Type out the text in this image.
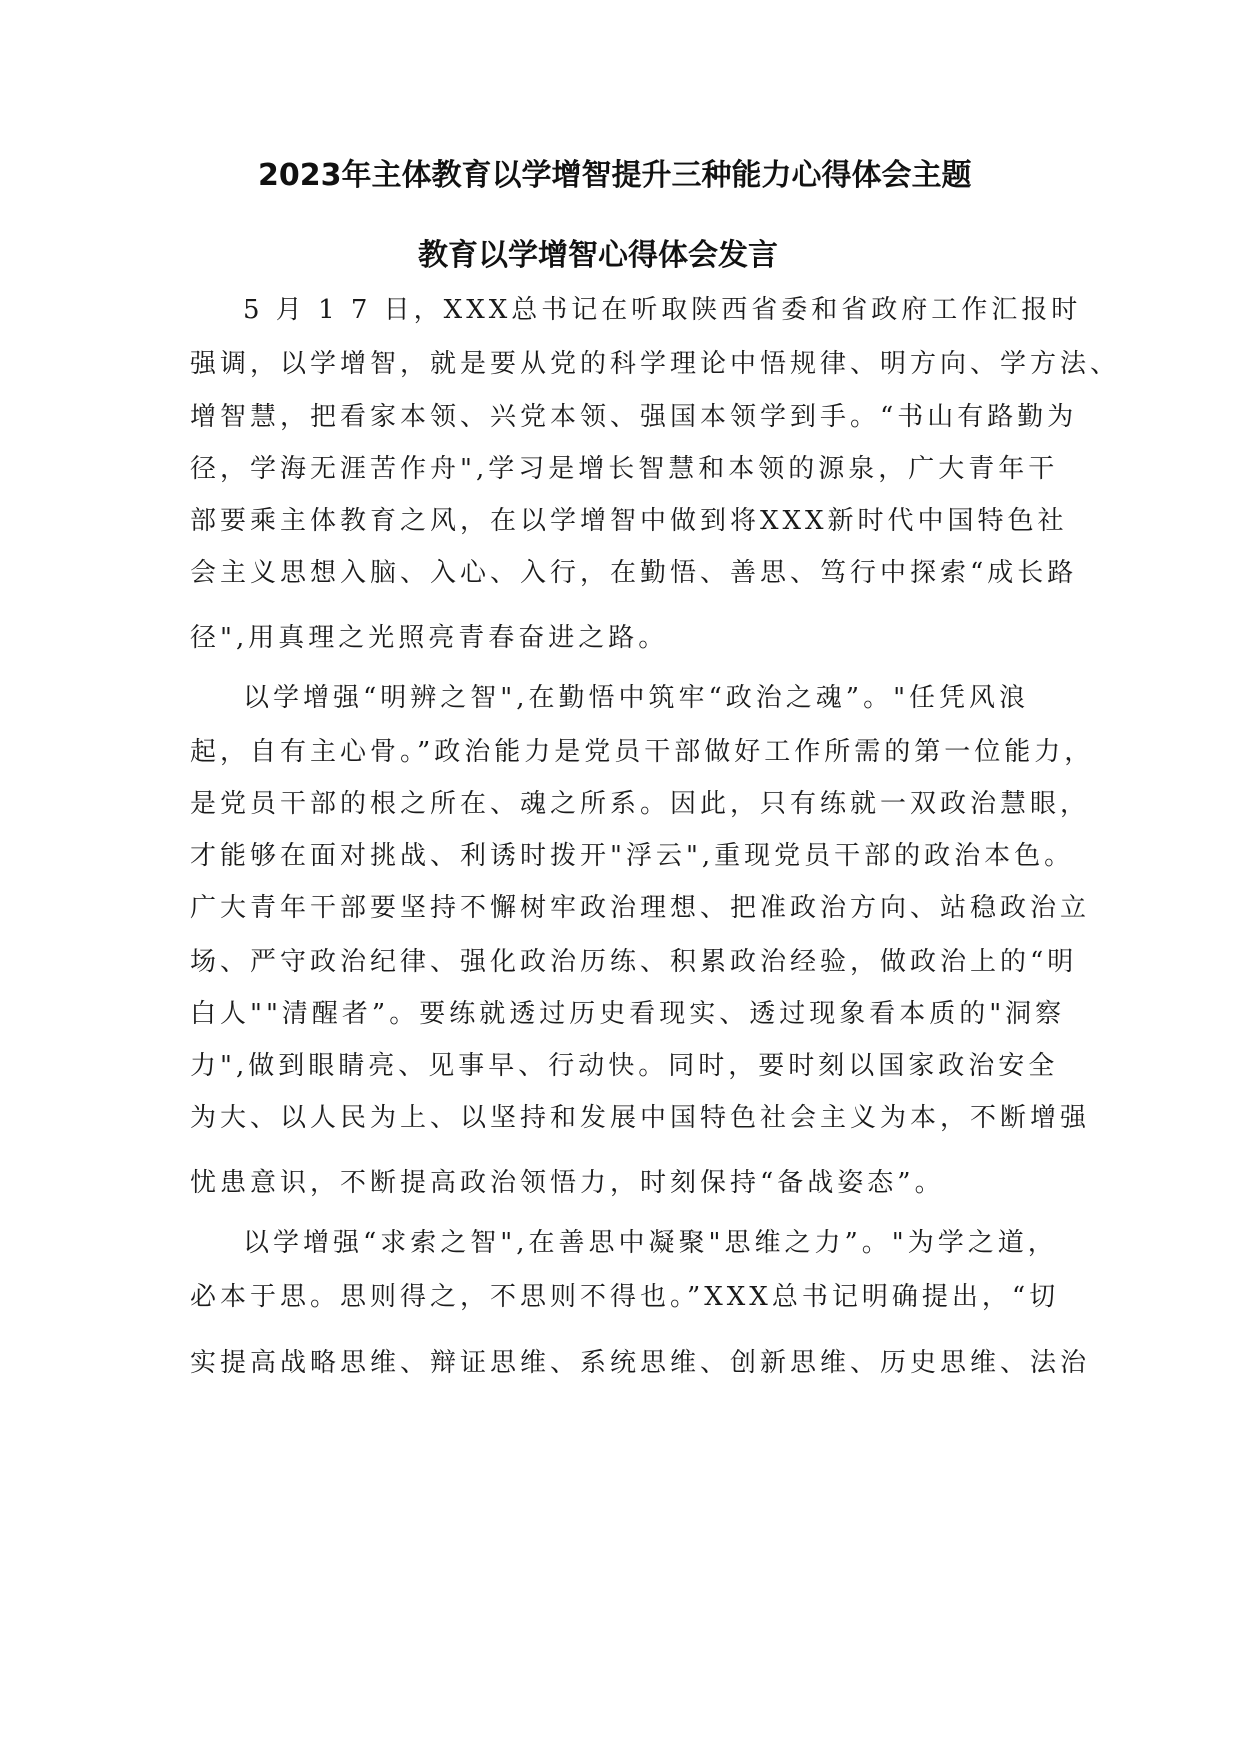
2023年主体教育以学增智提升三种能力心得体会主题
教育以学增智心得体会发言
5 月 1 7 日，XXX总书记在听取陕西省委和省政府工作汇报时
强调，以学增智，就是要从党的科学理论中悟规律、明方向、学方法、
增智慧，把看家本领、兴党本领、强国本领学到手。“书山有路勤为
径，学海无涯苦作舟",学习是增长智慧和本领的源泉，广大青年干
部要乘主体教育之风，在以学增智中做到将XXX新时代中国特色社
会主义思想入脑、入心、入行，在勤悟、善思、笃行中探索“成长路
径",用真理之光照亮青春奋进之路。
以学增强“明辨之智",在勤悟中筑牢“政治之魂”。"任凭风浪
起，自有主心骨。”政治能力是党员干部做好工作所需的第一位能力，
是党员干部的根之所在、魂之所系。因此，只有练就一双政治慧眼，
才能够在面对挑战、利诱时拨开"浮云",重现党员干部的政治本色。
广大青年干部要坚持不懈树牢政治理想、把准政治方向、站稳政治立
场、严守政治纪律、强化政治历练、积累政治经验，做政治上的“明
白人""清醒者”。要练就透过历史看现实、透过现象看本质的"洞察
力",做到眼睛亮、见事早、行动快。同时，要时刻以国家政治安全
为大、以人民为上、以坚持和发展中国特色社会主义为本，不断增强
忧患意识，不断提高政治领悟力，时刻保持“备战姿态”。
以学增强“求索之智",在善思中凝聚"思维之力”。"为学之道，
必本于思。思则得之，不思则不得也。”XXX总书记明确提出，“切
实提高战略思维、辩证思维、系统思维、创新思维、历史思维、法治
